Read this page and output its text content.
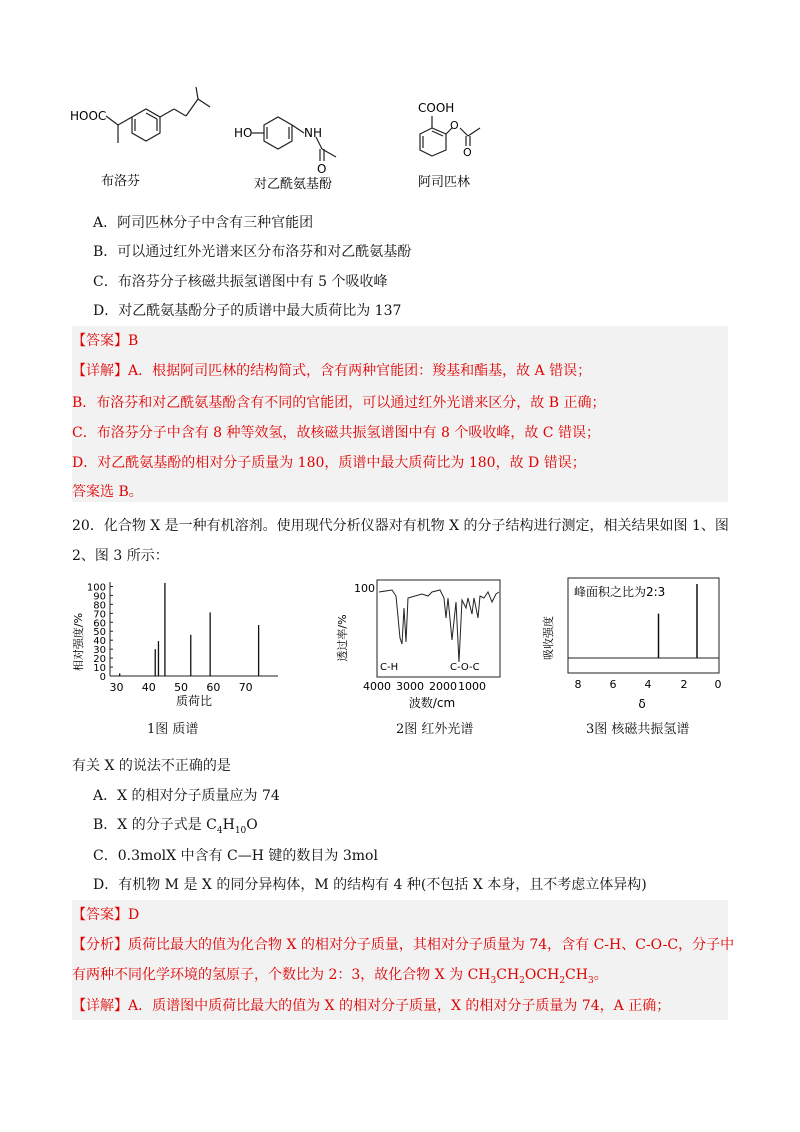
HOOC
布洛芬
HO	NH
O
对乙酰氨基酚
COOH
O
O
阿司匹林
A．阿司匹林分子中含有三种官能团
B．可以通过红外光谱来区分布洛芬和对乙酰氨基酚
C．布洛芬分子核磁共振氢谱图中有 5 个吸收峰
D．对乙酰氨基酚分子的质谱中最大质荷比为 137
【答案】B
【详解】A．根据阿司匹林的结构简式，含有两种官能团：羧基和酯基，故 A 错误；
B．布洛芬和对乙酰氨基酚含有不同的官能团，可以通过红外光谱来区分，故 B 正确；
C．布洛芬分子中含有 8 种等效氢，故核磁共振氢谱图中有 8 个吸收峰，故 C 错误；
D．对乙酰氨基酚的相对分子质量为 180，质谱中最大质荷比为 180，故 D 错误；
答案选 B。
20．化合物 X 是一种有机溶剂。使用现代分析仪器对有机物 X 的分子结构进行测定，相关结果如图 1、图
2、图 3 所示：
相对强度/%
0
10
20
30
40
50
60
70
80
90
100
30 40 50 60 70
质荷比
1图 质谱
透过率/%
100
C-H	C-O-C
4000 3000 2000 1000
波数/cm
2图 红外光谱
吸收强度
峰面积之比为2:3
8	6	4	2 0
δ
3图 核磁共振氢谱
有关 X 的说法不正确的是
A．X 的相对分子质量应为 74
B．X 的分子式是 $C_4H_{10}O$
C．0.3molX 中含有 C—H 键的数目为 3mol
D．有机物 M 是 X 的同分异构体，M 的结构有 4 种(不包括 X 本身，且不考虑立体异构)
【答案】D
【分析】质荷比最大的值为化合物 X 的相对分子质量，其相对分子质量为 74，含有 C-H、C-O-C，分子中
有两种不同化学环境的氢原子，个数比为 2：3，故化合物 X 为 $CH_3CH_2OCH_2CH_3$。
【详解】A．质谱图中质荷比最大的值为 X 的相对分子质量，X 的相对分子质量为 74，A 正确；
